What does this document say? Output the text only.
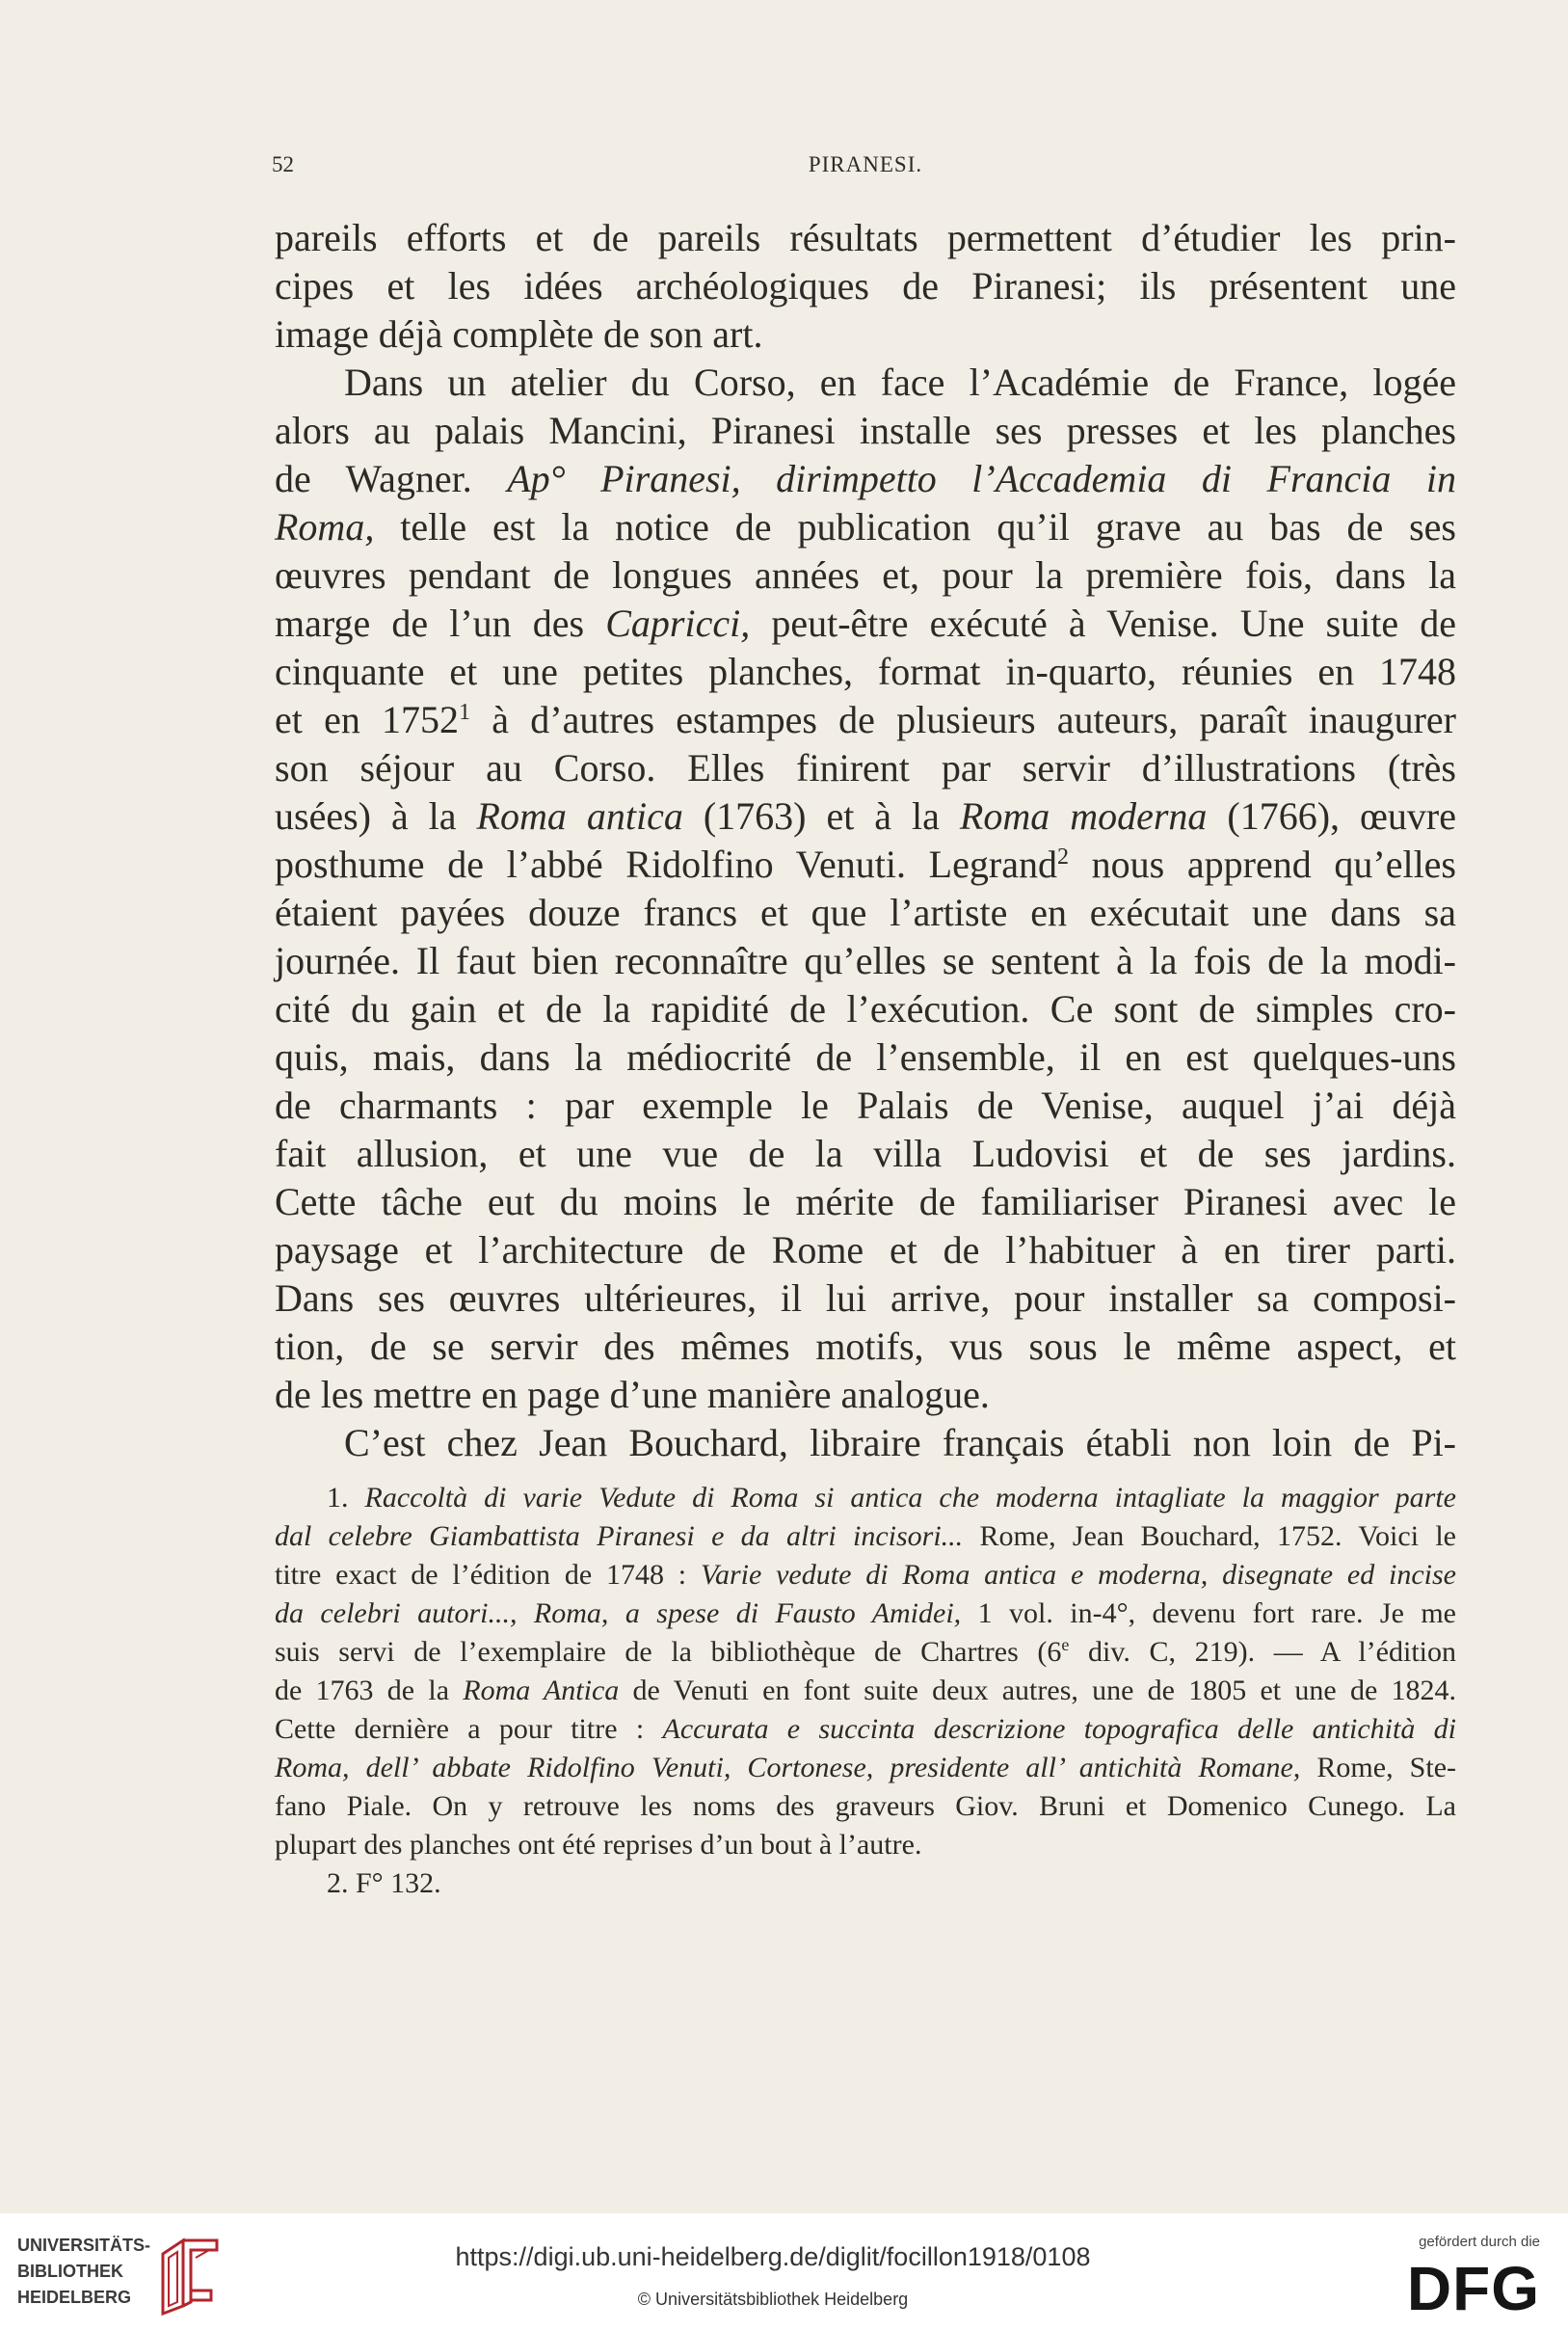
52	PIRANESI.
pareils efforts et de pareils résultats permettent d’étudier les prin-
cipes et les idées archéologiques de Piranesi; ils présentent une
image déjà complète de son art.
Dans un atelier du Corso, en face l’Académie de France, logée
alors au palais Mancini, Piranesi installe ses presses et les planches
de Wagner. Ap° Piranesi, dirimpetto l’Accademia di Francia in
Roma, telle est la notice de publication qu’il grave au bas de ses
œuvres pendant de longues années et, pour la première fois, dans la
marge de l’un des Capricci, peut-être exécuté à Venise. Une suite de
cinquante et une petites planches, format in-quarto, réunies en 1748
et en 1752$^1$ à d’autres estampes de plusieurs auteurs, paraît inaugurer
son séjour au Corso. Elles finirent par servir d’illustrations (très
usées) à la Roma antica (1763) et à la Roma moderna (1766), œuvre
posthume de l’abbé Ridolfino Venuti. Legrand$^2$ nous apprend qu’elles
étaient payées douze francs et que l’artiste en exécutait une dans sa
journée. Il faut bien reconnaître qu’elles se sentent à la fois de la modi-
cité du gain et de la rapidité de l’exécution. Ce sont de simples cro-
quis, mais, dans la médiocrité de l’ensemble, il en est quelques-uns
de charmants : par exemple le Palais de Venise, auquel j’ai déjà
fait allusion, et une vue de la villa Ludovisi et de ses jardins.
Cette tâche eut du moins le mérite de familiariser Piranesi avec le
paysage et l’architecture de Rome et de l’habituer à en tirer parti.
Dans ses œuvres ultérieures, il lui arrive, pour installer sa composi-
tion, de se servir des mêmes motifs, vus sous le même aspect, et
de les mettre en page d’une manière analogue.
C’est chez Jean Bouchard, libraire français établi non loin de Pi-
1. Raccoltà di varie Vedute di Roma si antica che moderna intagliate la maggior parte
dal celebre Giambattista Piranesi e da altri incisori... Rome, Jean Bouchard, 1752. Voici le
titre exact de l’édition de 1748 : Varie vedute di Roma antica e moderna, disegnate ed incise
da celebri autori..., Roma, a spese di Fausto Amidei, 1 vol. in-4°, devenu fort rare. Je me
suis servi de l’exemplaire de la bibliothèque de Chartres (6e div. C, 219). — A l’édition
de 1763 de la Roma Antica de Venuti en font suite deux autres, une de 1805 et une de 1824.
Cette dernière a pour titre : Accurata e succinta descrizione topografica delle antichità di
Roma, dell’ abbate Ridolfino Venuti, Cortonese, presidente all’ antichità Romane, Rome, Ste-
fano Piale. On y retrouve les noms des graveurs Giov. Bruni et Domenico Cunego. La
plupart des planches ont été reprises d’un bout à l’autre.
2. F° 132.
UNIVERSITÄTS-
BIBLIOTHEK
HEIDELBERG
https://digi.ub.uni-heidelberg.de/diglit/focillon1918/0108
© Universitätsbibliothek Heidelberg
gefördert durch die
DFG
